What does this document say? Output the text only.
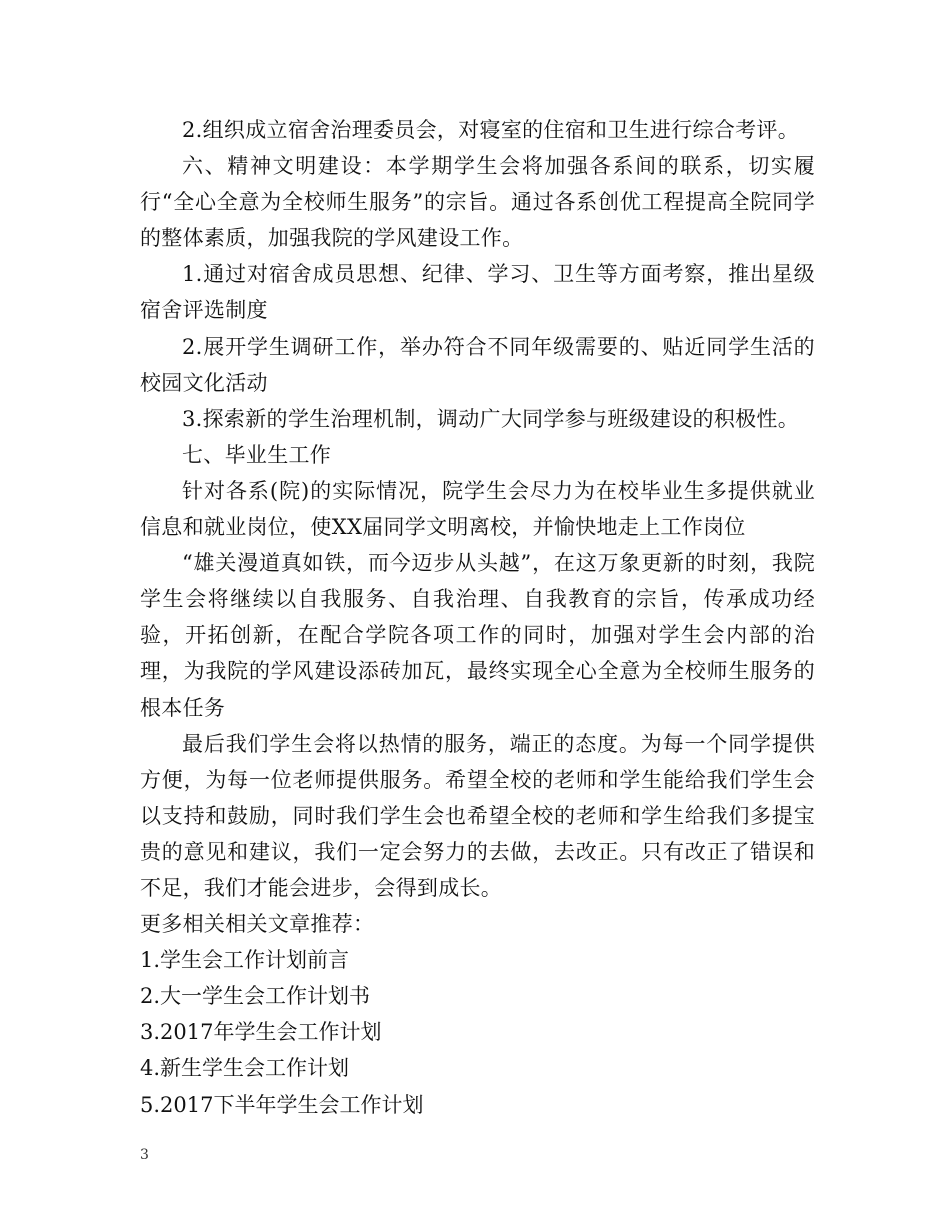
2.组织成立宿舍治理委员会，对寝室的住宿和卫生进行综合考评。

六、精神文明建设：本学期学生会将加强各系间的联系，切实履行“全心全意为全校师生服务”的宗旨。通过各系创优工程提高全院同学的整体素质，加强我院的学风建设工作。

1.通过对宿舍成员思想、纪律、学习、卫生等方面考察，推出星级宿舍评选制度

2.展开学生调研工作，举办符合不同年级需要的、贴近同学生活的校园文化活动

3.探索新的学生治理机制，调动广大同学参与班级建设的积极性。

七、毕业生工作

针对各系(院)的实际情况，院学生会尽力为在校毕业生多提供就业信息和就业岗位，使XX届同学文明离校，并愉快地走上工作岗位

“雄关漫道真如铁，而今迈步从头越”，在这万象更新的时刻，我院学生会将继续以自我服务、自我治理、自我教育的宗旨，传承成功经验，开拓创新，在配合学院各项工作的同时，加强对学生会内部的治理，为我院的学风建设添砖加瓦，最终实现全心全意为全校师生服务的根本任务

最后我们学生会将以热情的服务，端正的态度。为每一个同学提供方便，为每一位老师提供服务。希望全校的老师和学生能给我们学生会以支持和鼓励，同时我们学生会也希望全校的老师和学生给我们多提宝贵的意见和建议，我们一定会努力的去做，去改正。只有改正了错误和不足，我们才能会进步，会得到成长。

更多相关相关文章推荐：

1.学生会工作计划前言
2.大一学生会工作计划书
3.2017年学生会工作计划
4.新生学生会工作计划
5.2017下半年学生会工作计划
3
